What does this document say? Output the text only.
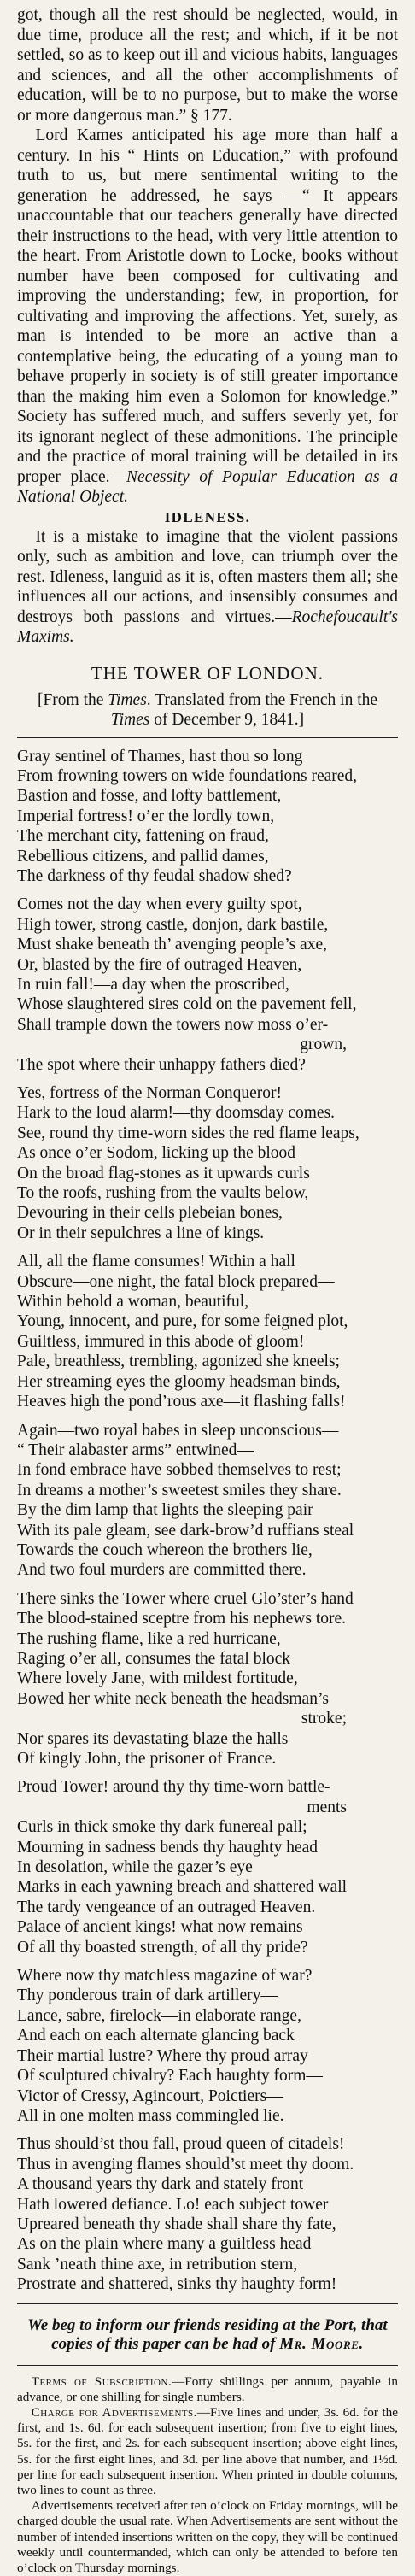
got, though all the rest should be neglected, would, in due time, produce all the rest; and which, if it be not settled, so as to keep out ill and vicious habits, languages and sciences, and all the other accomplishments of education, will be to no purpose, but to make the worse or more dangerous man.” § 177.

Lord Kames anticipated his age more than half a century. In his “ Hints on Education,” with profound truth to us, but mere sentimental writing to the generation he addressed, he says —“ It appears unaccountable that our teachers generally have directed their instructions to the head, with very little attention to the heart. From Aristotle down to Locke, books without number have been composed for cultivating and improving the understanding; few, in proportion, for cultivating and improving the affections. Yet, surely, as man is intended to be more an active than a contemplative being, the educating of a young man to behave properly in society is of still greater importance than the making him even a Solomon for knowledge.” Society has suffered much, and suffers severly yet, for its ignorant neglect of these admonitions. The principle and the practice of moral training will be detailed in its proper place.—Necessity of Popular Education as a National Object.

IDLENESS.

It is a mistake to imagine that the violent passions only, such as ambition and love, can triumph over the rest. Idleness, languid as it is, often masters them all; she influences all our actions, and insensibly consumes and destroys both passions and virtues.—Rochefoucault's Maxims.

THE TOWER OF LONDON.
[From the Times. Translated from the French in the Times of December 9, 1841.]
Gray sentinel of Thames, hast thou so long
From frowning towers on wide foundations reared,
Bastion and fosse, and lofty battlement,
Imperial fortress! o’er the lordly town,
The merchant city, fattening on fraud,
Rebellious citizens, and pallid dames,
The darkness of thy feudal shadow shed?
Comes not the day when every guilty spot,
High tower, strong castle, donjon, dark bastile,
Must shake beneath th’ avenging people’s axe,
Or, blasted by the fire of outraged Heaven,
In ruin fall!—a day when the proscribed,
Whose slaughtered sires cold on the pavement fell,
Shall trample down the towers now moss o’er-
grown,
The spot where their unhappy fathers died?
Yes, fortress of the Norman Conqueror!
Hark to the loud alarm!—thy doomsday comes.
See, round thy time-worn sides the red flame leaps,
As once o’er Sodom, licking up the blood
On the broad flag-stones as it upwards curls
To the roofs, rushing from the vaults below,
Devouring in their cells plebeian bones,
Or in their sepulchres a line of kings.
All, all the flame consumes! Within a hall
Obscure—one night, the fatal block prepared—
Within behold a woman, beautiful,
Young, innocent, and pure, for some feigned plot,
Guiltless, immured in this abode of gloom!
Pale, breathless, trembling, agonized she kneels;
Her streaming eyes the gloomy headsman binds,
Heaves high the pond’rous axe—it flashing falls!
Again—two royal babes in sleep unconscious—
“ Their alabaster arms” entwined—
In fond embrace have sobbed themselves to rest;
In dreams a mother’s sweetest smiles they share.
By the dim lamp that lights the sleeping pair
With its pale gleam, see dark-brow’d ruffians steal
Towards the couch whereon the brothers lie,
And two foul murders are committed there.
There sinks the Tower where cruel Glo’ster’s hand
The blood-stained sceptre from his nephews tore.
The rushing flame, like a red hurricane,
Raging o’er all, consumes the fatal block
Where lovely Jane, with mildest fortitude,
Bowed her white neck beneath the headsman’s
stroke;
Nor spares its devastating blaze the halls
Of kingly John, the prisoner of France.
Proud Tower! around thy thy time-worn battle-
ments
Curls in thick smoke thy dark funereal pall;
Mourning in sadness bends thy haughty head
In desolation, while the gazer’s eye
Marks in each yawning breach and shattered wall
The tardy vengeance of an outraged Heaven.
Palace of ancient kings! what now remains
Of all thy boasted strength, of all thy pride?
Where now thy matchless magazine of war?
Thy ponderous train of dark artillery—
Lance, sabre, firelock—in elaborate range,
And each on each alternate glancing back
Their martial lustre? Where thy proud array
Of sculptured chivalry? Each haughty form—
Victor of Cressy, Agincourt, Poictiers—
All in one molten mass commingled lie.
Thus should’st thou fall, proud queen of citadels!
Thus in avenging flames should’st meet thy doom.
A thousand years thy dark and stately front
Hath lowered defiance. Lo! each subject tower
Upreared beneath thy shade shall share thy fate,
As on the plain where many a guiltless head
Sank ’neath thine axe, in retribution stern,
Prostrate and shattered, sinks thy haughty form!
We beg to inform our friends residing at the Port, that copies of this paper can be had of Mr. Moore.

Terms of Subscription.—Forty shillings per annum, payable in advance, or one shilling for single numbers.

Charge for Advertisements.—Five lines and under, 3s. 6d. for the first, and 1s. 6d. for each subsequent insertion; from five to eight lines, 5s. for the first, and 2s. for each subsequent insertion; above eight lines, 5s. for the first eight lines, and 3d. per line above that number, and 1½d. per line for each subsequent insertion. When printed in double columns, two lines to count as three.

Advertisements received after ten o’clock on Friday mornings, will be charged double the usual rate. When Advertisements are sent without the number of intended insertions written on the copy, they will be continued weekly until countermanded, which can only be attended to before ten o’clock on Thursday mornings.
